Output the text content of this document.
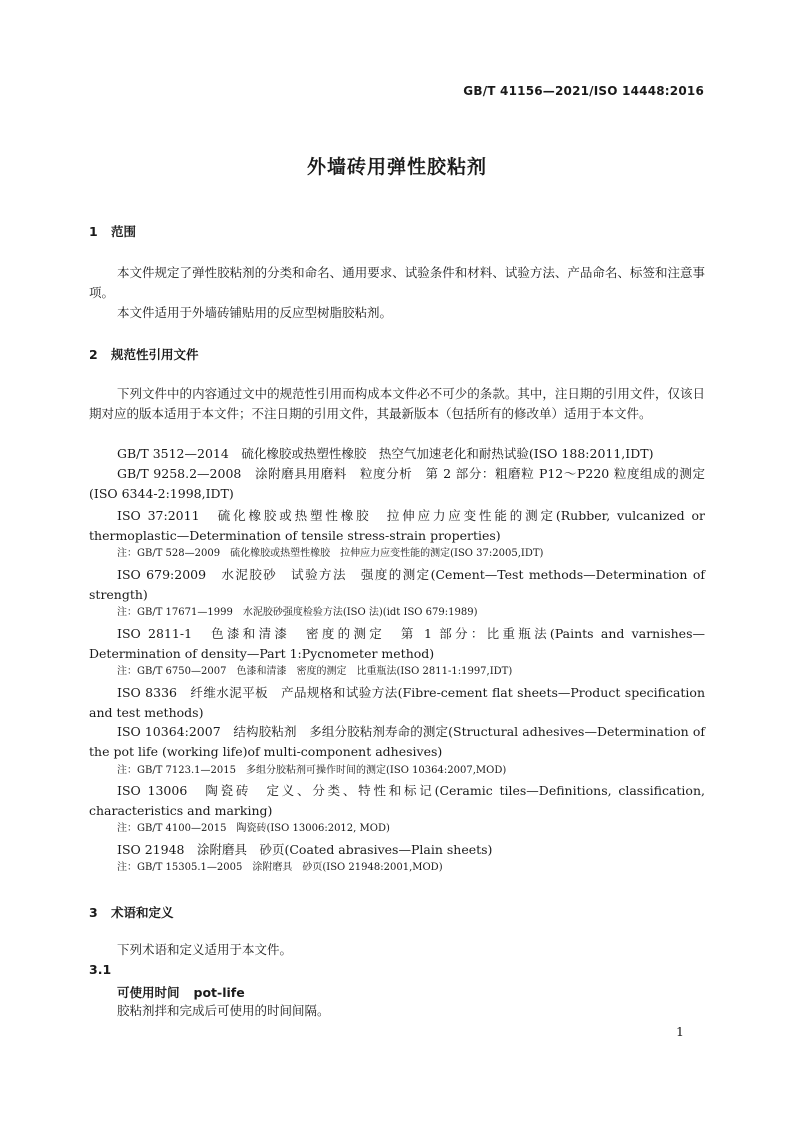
GB/T 41156—2021/ISO 14448:2016
外墙砖用弹性胶粘剂
1 范围
本文件规定了弹性胶粘剂的分类和命名、通用要求、试验条件和材料、试验方法、产品命名、标签和注意事项。
本文件适用于外墙砖铺贴用的反应型树脂胶粘剂。
2 规范性引用文件
下列文件中的内容通过文中的规范性引用而构成本文件必不可少的条款。其中，注日期的引用文件，仅该日期对应的版本适用于本文件；不注日期的引用文件，其最新版本（包括所有的修改单）适用于本文件。
GB/T 3512—2014　硫化橡胶或热塑性橡胶　热空气加速老化和耐热试验(ISO 188:2011,IDT)
GB/T 9258.2—2008　涂附磨具用磨料　粒度分析　第 2 部分：粗磨粒 P12～P220 粒度组成的测定(ISO 6344-2:1998,IDT)
ISO 37:2011　硫化橡胶或热塑性橡胶　拉伸应力应变性能的测定(Rubber, vulcanized or thermoplastic—Determination of tensile stress-strain properties)
注：GB/T 528—2009　硫化橡胶或热塑性橡胶　拉伸应力应变性能的测定(ISO 37:2005,IDT)
ISO 679:2009　水泥胶砂　试验方法　强度的测定(Cement—Test methods—Determination of strength)
注：GB/T 17671—1999　水泥胶砂强度检验方法(ISO 法)(idt ISO 679:1989)
ISO 2811-1　色漆和清漆　密度的测定　第 1 部分：比重瓶法(Paints and varnishes—Determination of density—Part 1:Pycnometer method)
注：GB/T 6750—2007　色漆和清漆　密度的测定　比重瓶法(ISO 2811-1:1997,IDT)
ISO 8336　纤维水泥平板　产品规格和试验方法(Fibre-cement flat sheets—Product specification and test methods)
ISO 10364:2007　结构胶粘剂　多组分胶粘剂寿命的测定(Structural adhesives—Determination of the pot life (working life)of multi-component adhesives)
注：GB/T 7123.1—2015　多组分胶粘剂可操作时间的测定(ISO 10364:2007,MOD)
ISO 13006　陶瓷砖　定义、分类、特性和标记(Ceramic tiles—Definitions, classification, characteristics and marking)
注：GB/T 4100—2015　陶瓷砖(ISO 13006:2012, MOD)
ISO 21948　涂附磨具　砂页(Coated abrasives—Plain sheets)
注：GB/T 15305.1—2005　涂附磨具　砂页(ISO 21948:2001,MOD)
3 术语和定义
下列术语和定义适用于本文件。
3.1
可使用时间 pot-life
胶粘剂拌和完成后可使用的时间间隔。
1
